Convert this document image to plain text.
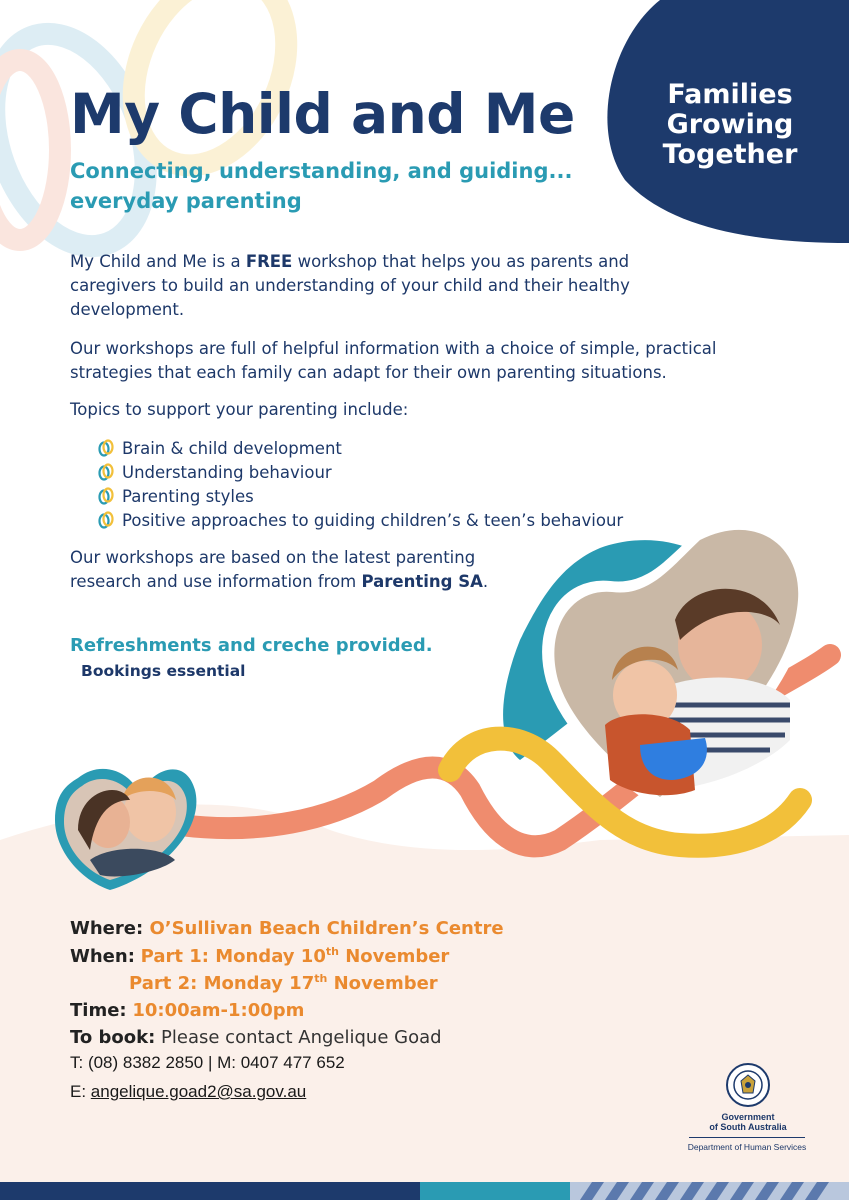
My Child and Me
Connecting, understanding, and guiding...
everyday parenting
Families
Growing
Together
My Child and Me is a FREE workshop that helps you as parents and caregivers to build an understanding of your child and their healthy development.
Our workshops are full of helpful information with a choice of simple, practical strategies that each family can adapt for their own parenting situations.
Topics to support your parenting include:
Brain & child development
Understanding behaviour
Parenting styles
Positive approaches to guiding children’s & teen’s behaviour
Our workshops are based on the latest parenting research and use information from Parenting SA.
Refreshments and creche provided.
Bookings essential
Where: O’Sullivan Beach Children’s Centre
When: Part 1: Monday 10th November
Part 2: Monday 17th November
Time: 10:00am-1:00pm
To book: Please contact Angelique Goad
T: (08) 8382 2850 | M: 0407 477 652
E: angelique.goad2@sa.gov.au
Government
of South Australia
Department of Human Services
